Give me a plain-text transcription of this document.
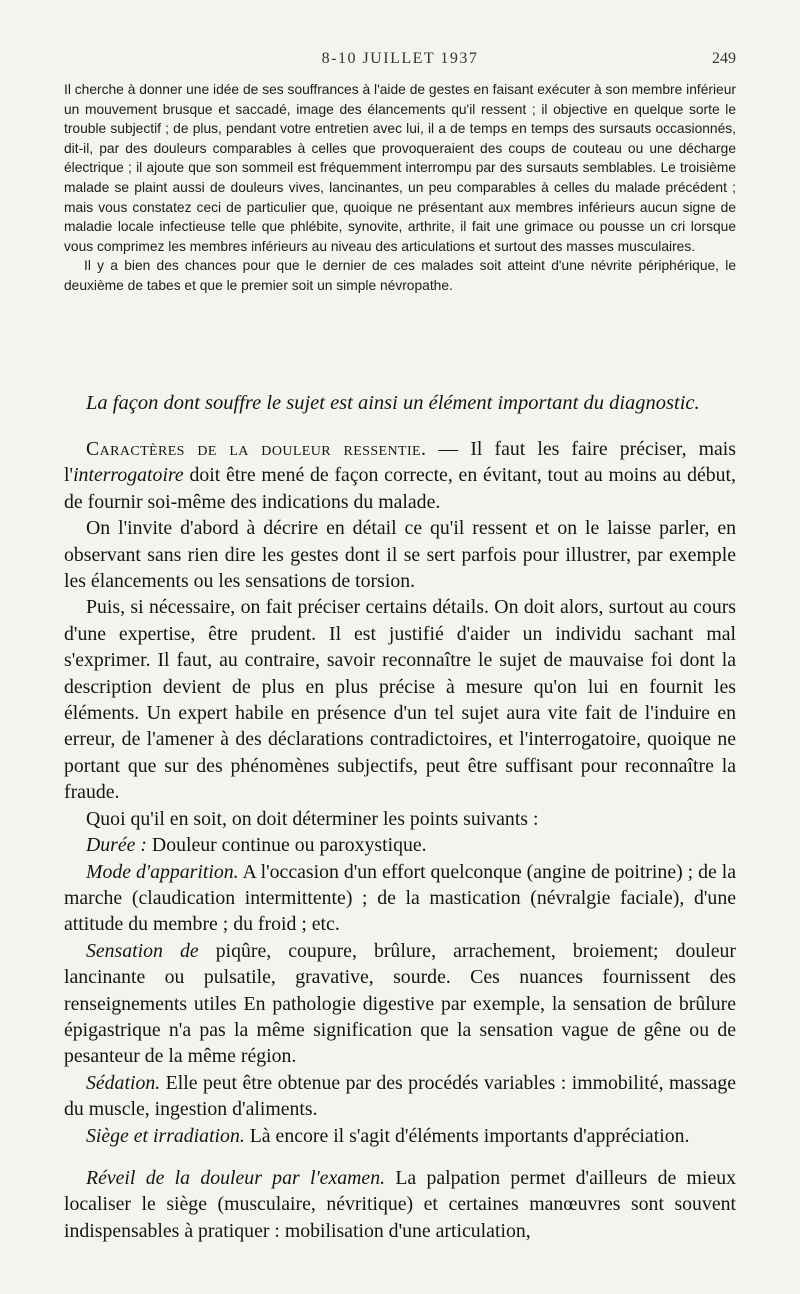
8-10 JUILLET 1937	249

Il cherche à donner une idée de ses souffrances à l'aide de gestes en faisant exécuter à son membre inférieur un mouvement brusque et saccadé, image des élancements qu'il ressent ; il objective en quelque sorte le trouble subjectif ; de plus, pendant votre entretien avec lui, il a de temps en temps des sursauts occasionnés, dit-il, par des douleurs comparables à celles que provoqueraient des coups de couteau ou une décharge électrique ; il ajoute que son sommeil est fréquemment interrompu par des sursauts semblables. Le troisième malade se plaint aussi de douleurs vives, lancinantes, un peu comparables à celles du malade précédent ; mais vous constatez ceci de particulier que, quoique ne présentant aux membres inférieurs aucun signe de maladie locale infectieuse telle que phlébite, synovite, arthrite, il fait une grimace ou pousse un cri lorsque vous comprimez les membres inférieurs au niveau des articulations et surtout des masses musculaires.

Il y a bien des chances pour que le dernier de ces malades soit atteint d'une névrite périphérique, le deuxième de tabes et que le premier soit un simple névropathe.

La façon dont souffre le sujet est ainsi un élément important du diagnostic.

Caractères de la douleur ressentie. — Il faut les faire préciser, mais l'interrogatoire doit être mené de façon correcte, en évitant, tout au moins au début, de fournir soi-même des indications du malade.

On l'invite d'abord à décrire en détail ce qu'il ressent et on le laisse parler, en observant sans rien dire les gestes dont il se sert parfois pour illustrer, par exemple les élancements ou les sensations de torsion.

Puis, si nécessaire, on fait préciser certains détails. On doit alors, surtout au cours d'une expertise, être prudent. Il est justifié d'aider un individu sachant mal s'exprimer. Il faut, au contraire, savoir reconnaître le sujet de mauvaise foi dont la description devient de plus en plus précise à mesure qu'on lui en fournit les éléments. Un expert habile en présence d'un tel sujet aura vite fait de l'induire en erreur, de l'amener à des déclarations contradictoires, et l'interrogatoire, quoique ne portant que sur des phénomènes subjectifs, peut être suffisant pour reconnaître la fraude.

Quoi qu'il en soit, on doit déterminer les points suivants :

Durée : Douleur continue ou paroxystique.

Mode d'apparition. A l'occasion d'un effort quelconque (angine de poitrine) ; de la marche (claudication intermittente) ; de la mastication (névralgie faciale), d'une attitude du membre ; du froid ; etc.

Sensation de piqûre, coupure, brûlure, arrachement, broiement; douleur lancinante ou pulsatile, gravative, sourde. Ces nuances fournissent des renseignements utiles En pathologie digestive par exemple, la sensation de brûlure épigastrique n'a pas la même signification que la sensation vague de gêne ou de pesanteur de la même région.

Sédation. Elle peut être obtenue par des procédés variables : immobilité, massage du muscle, ingestion d'aliments.

Siège et irradiation. Là encore il s'agit d'éléments importants d'appréciation.

Réveil de la douleur par l'examen. La palpation permet d'ailleurs de mieux localiser le siège (musculaire, névritique) et certaines manœuvres sont souvent indispensables à pratiquer : mobilisation d'une articulation,
